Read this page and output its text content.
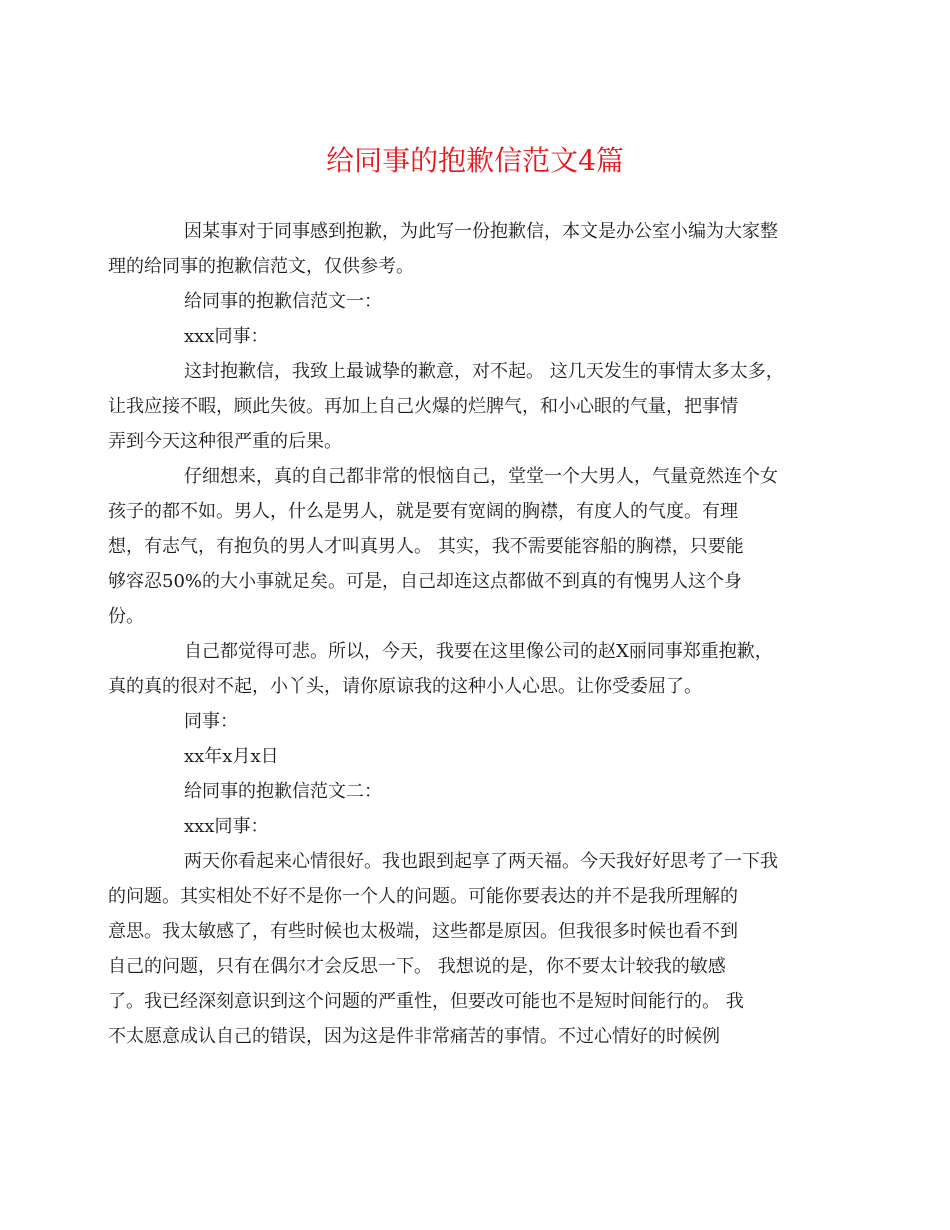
给同事的抱歉信范文4篇

因某事对于同事感到抱歉，为此写一份抱歉信，本文是办公室小编为大家整
理的给同事的抱歉信范文，仅供参考。

给同事的抱歉信范文一：

xxx同事：

这封抱歉信，我致上最诚挚的歉意，对不起。 这几天发生的事情太多太多，
让我应接不暇，顾此失彼。再加上自己火爆的烂脾气，和小心眼的气量，把事情
弄到今天这种很严重的后果。

仔细想来，真的自己都非常的恨恼自己，堂堂一个大男人，气量竟然连个女
孩子的都不如。男人，什么是男人，就是要有宽阔的胸襟，有度人的气度。有理
想，有志气，有抱负的男人才叫真男人。 其实，我不需要能容船的胸襟，只要能
够容忍50%的大小事就足矣。可是，自己却连这点都做不到真的有愧男人这个身
份。

自己都觉得可悲。所以，今天，我要在这里像公司的赵X丽同事郑重抱歉，
真的真的很对不起，小丫头，请你原谅我的这种小人心思。让你受委屈了。

同事：

xx年x月x日

给同事的抱歉信范文二：

xxx同事：

两天你看起来心情很好。我也跟到起享了两天福。今天我好好思考了一下我
的问题。其实相处不好不是你一个人的问题。可能你要表达的并不是我所理解的
意思。我太敏感了，有些时候也太极端，这些都是原因。但我很多时候也看不到
自己的问题，只有在偶尔才会反思一下。 我想说的是，你不要太计较我的敏感
了。我已经深刻意识到这个问题的严重性，但要改可能也不是短时间能行的。 我
不太愿意成认自己的错误，因为这是件非常痛苦的事情。不过心情好的时候例
